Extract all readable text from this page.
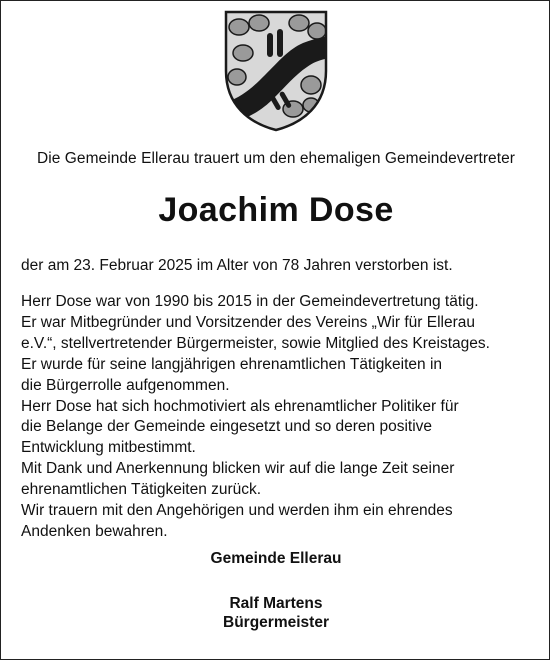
Die Gemeinde Ellerau trauert um den ehemaligen Gemeindevertreter
Joachim Dose
der am 23. Februar 2025 im Alter von 78 Jahren verstorben ist.
Herr Dose war von 1990 bis 2015 in der Gemeindevertretung tätig.
Er war Mitbegründer und Vorsitzender des Vereins „Wir für Ellerau
e.V.“, stellvertretender Bürgermeister, sowie Mitglied des Kreistages.
Er wurde für seine langjährigen ehrenamtlichen Tätigkeiten in
die Bürgerrolle aufgenommen.
Herr Dose hat sich hochmotiviert als ehrenamtlicher Politiker für
die Belange der Gemeinde eingesetzt und so deren positive
Entwicklung mitbestimmt.
Mit Dank und Anerkennung blicken wir auf die lange Zeit seiner
ehrenamtlichen Tätigkeiten zurück.
Wir trauern mit den Angehörigen und werden ihm ein ehrendes
Andenken bewahren.
Gemeinde Ellerau
Ralf Martens
Bürgermeister
